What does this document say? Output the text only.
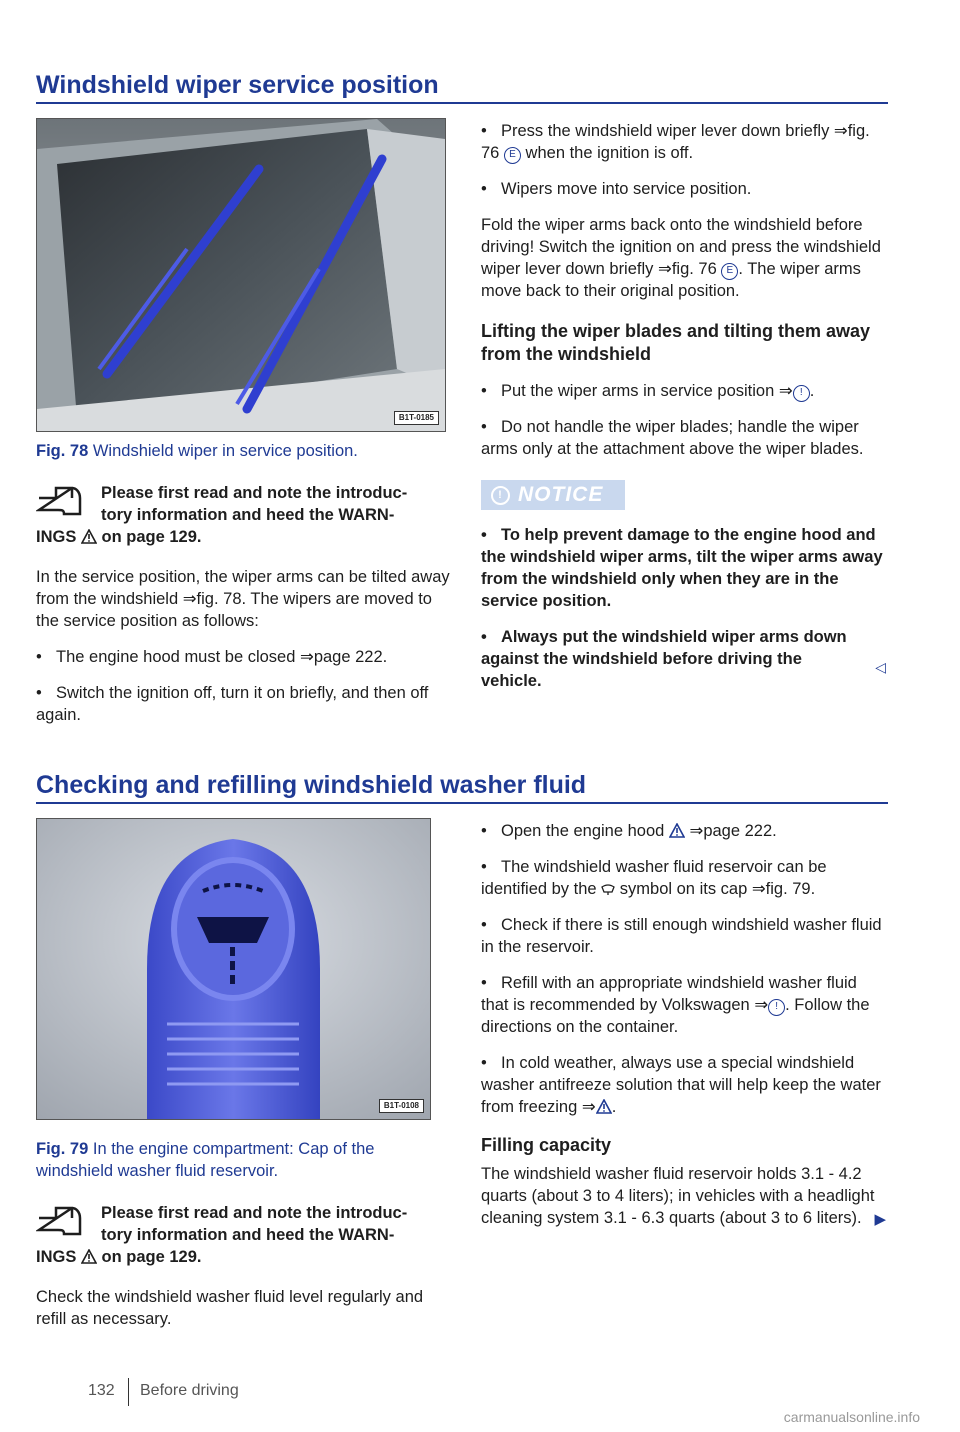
Windshield wiper service position
B1T-0185

Fig. 78 Windshield wiper in service position.

Please first read and note the introduc-
tory information and heed the WARN-
INGS on page 129.

In the service position, the wiper arms can be tilted away from the windshield ⇒fig. 78. The wipers are moved to the service position as follows:

• The engine hood must be closed ⇒page 222.

• Switch the ignition off, turn it on briefly, and then off again.

• Press the windshield wiper lever down briefly ⇒fig. 76 E when the ignition is off.

• Wipers move into service position.

Fold the wiper arms back onto the windshield before driving! Switch the ignition on and press the windshield wiper lever down briefly ⇒fig. 76 E . The wiper arms move back to their original position.

Lifting the wiper blades and tilting them away from the windshield

• Put the wiper arms in service position ⇒ ! .

• Do not handle the wiper blades; handle the wiper arms only at the attachment above the wiper blades.

! NOTICE

• To help prevent damage to the engine hood and the windshield wiper arms, tilt the wiper arms away from the windshield only when they are in the service position.

• Always put the windshield wiper arms down against the windshield before driving the vehicle.

◁
Checking and refilling windshield washer fluid
B1T-0108

Fig. 79 In the engine compartment: Cap of the windshield washer fluid reservoir.

Please first read and note the introduc-
tory information and heed the WARN-
INGS on page 129.

Check the windshield washer fluid level regularly and refill as necessary.

• Open the engine hood ⇒page 222.

• The windshield washer fluid reservoir can be identified by the symbol on its cap ⇒fig. 79.

• Check if there is still enough windshield washer fluid in the reservoir.

• Refill with an appropriate windshield washer fluid that is recommended by Volkswagen ⇒ ! . Follow the directions on the container.

• In cold weather, always use a special windshield washer antifreeze solution that will help keep the water from freezing ⇒ .

Filling capacity

The windshield washer fluid reservoir holds 3.1 - 4.2 quarts (about 3 to 4 liters); in vehicles with a headlight cleaning system 3.1 - 6.3 quarts (about 3 to 6 liters). ▶

132 Before driving
carmanualsonline.info
